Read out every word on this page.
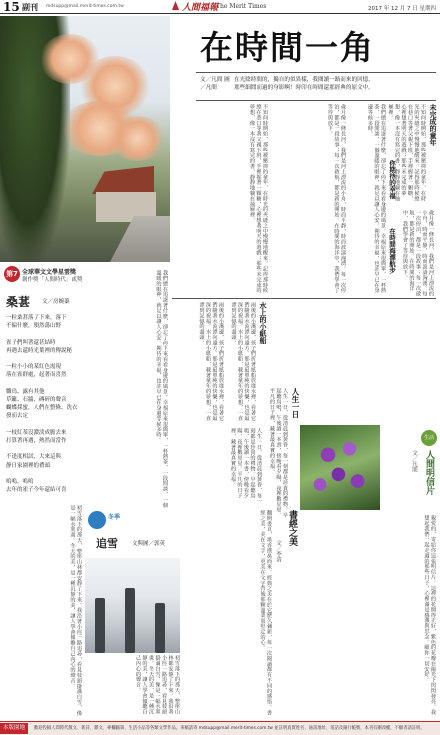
15 副刊 mdsupp@mail.merit-times.com.tw	人間福報
The Merit Times	2017 年 12 月 7 日 星期四
在時間一角
文／凡間 圖／凡間
在光陰時間的，獨自的似異樣，我閱讀一路而來的回憶，那些細閒而過的身影啊！時印在時間還那經典的原文中。
未完成的童年
不知何時開始，那些被壓抑的童年，在時光的夾縫之中慢慢地醒來。記得那時候總在巷口等著父親下班，手裡握著一顆糖，心裡想著明天的遊戲；那些未完成的夢想，像一本沒有寫完的書，靜靜地躺在抽屜裡。
你期待的幸福
我們總在追逐著什麼，卻忘了停下來看看身邊的風景。幸福原來很簡單，一杯熱茶，一段閒談，一個溫暖的眼神，就足以讓人心安。期待的幸福，也許早已在身邊等候多時。
在時間海漂航步	歲月像一條長河，我們是河上漂流的小舟，時而平靜，時而波濤洶湧。每一次停泊，都是一段故事；每一次啟航，都是新的開始。在時間的海洋中，我們學會了等待與放下。
歲月像一條長河，我們是河上漂流的小舟，時而平靜，時而波濤洶湧。每一次停泊，都是一段故事；每一次啟航，都是新的開始。在時間的海洋中，我們學會了等待與放下。
不知何時開始，那些被壓抑的童年，在時光的夾縫之中慢慢地醒來。記得那時候總在巷口等著父親下班，手裡握著一顆糖，心裡想著明天的遊戲；那些未完成的夢想，像一本沒有寫完的書，靜靜地躺在抽屜裡。
水上的小紙船
雨後的小溪邊，孩子們折著紙船放進水裡，看著它們隨著水流漂向遠方。那是最單純的快樂，也是最深的祝福。水上的小紙船，載著童年的夢想，一直漂到記憶的盡頭。
雨後的小溪邊，孩子們折著紙船放進水裡，看著它們隨著水流漂向遠方。那是最單純的快樂，也是最深的祝福。水上的小紙船，載著童年的夢想，一直漂到記憶的盡頭。
我們總在追逐著什麼，卻忘了停下來看看身邊的風景。幸福原來很簡單，一杯熱茶，一段閒談，一個溫暖的眼神，就足以讓人心安。期待的幸福，也許早已在身邊等候多時。	人生一日
人生一日，從清晨到黃昏，每一刻都是珍貴的禮物。早起聽鳥鳴，午後讀一本書，傍晚看夕陽，夜裡數星星。平凡的日子裡，藏著最真實的幸福。	生活
人間明信片
文／凡間
親愛的，寄給你這張明信片。這裡的花開得正好，紫色的花瓣在陽光下閃閃發亮。我想起我們一起走過的那些日子，心裡滿是感激與思念。願你一切安好。
書經之美
文／李清
翻開書頁，墨香撲鼻而來。經典之美在於它歷久彌新，每一次閱讀都有不同的感悟。書經之美，美在文字，更美在文字背後那顆溫柔而堅定的心。
人生一日，從清晨到黃昏，每一刻都是珍貴的禮物。早起聽鳥鳴，午後讀一本書，傍晚看夕陽，夜裡數星星。平凡的日子裡，藏著最真實的幸福。
第7屆
全球華文文學星雲獎
創作獎「人間時代」貳獎
桑葚 文／房婉蓁
一粒桑葚落了下來，落下
不偏什麼，殞然蕩山野

雀子們叫著還甚結時
再遇去還時光葉裡的傳說秘

一粒小小的某紅色霞現
落在雀群處，起著而喜然

雛鳥、露有其他
草籬、石牆，磚碎的聲音
蝴蝶採蜜，人們在整條、洗衣
發而去定

一枝紅茶沒濃淡成膽去來
打算著再遇，熱然而當作

不逢度相試，大來這與
静日家園裡的禮頭

嗚嗚，嗚嗚
去年的雀子今年還結可喜
初雪落下的那天，整座山林都安靜了下來。我沿著小徑一路追尋，看見枝頭掛滿白雪，像是一幅水墨畫。冬天的美，是一種沉靜的美，讓人學會傾聽自己內心的聲音。	冬季
追雪	文與圖／郭英
初雪落下的那天，整座山林都安靜了下來。我沿著小徑一路追尋，看見枝頭掛滿白雪，像是一幅水墨畫。冬天的美，是一種沉靜的美，讓人學會傾聽自己內心的聲音。
本版園地	歡迎投稿人間時代散文、新詩、雜文、專欄隨筆、生活小品等各類文學作品。來稿請寄 mdsupp@mail.merit-times.com.tw 並註明真實姓名、通訊地址、電話及銀行帳號，本刊有刪改權，不願者請註明。
